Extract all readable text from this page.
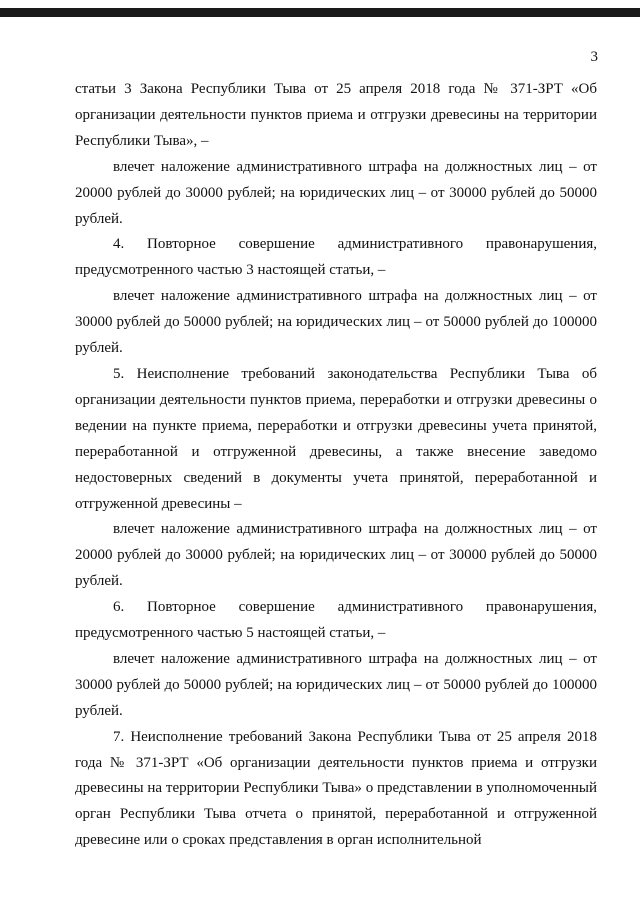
3

статьи 3 Закона Республики Тыва от 25 апреля 2018 года № 371-ЗРТ «Об организации деятельности пунктов приема и отгрузки древесины на территории Республики Тыва», –

влечет наложение административного штрафа на должностных лиц – от 20000 рублей до 30000 рублей; на юридических лиц – от 30000 рублей до 50000 рублей.

4. Повторное совершение административного правонарушения, предусмотренного частью 3 настоящей статьи, –

влечет наложение административного штрафа на должностных лиц – от 30000 рублей до 50000 рублей; на юридических лиц – от 50000 рублей до 100000 рублей.

5. Неисполнение требований законодательства Республики Тыва об организации деятельности пунктов приема, переработки и отгрузки древесины о ведении на пункте приема, переработки и отгрузки древесины учета принятой, переработанной и отгруженной древесины, а также внесение заведомо недостоверных сведений в документы учета принятой, переработанной и отгруженной древесины –

влечет наложение административного штрафа на должностных лиц – от 20000 рублей до 30000 рублей; на юридических лиц – от 30000 рублей до 50000 рублей.

6. Повторное совершение административного правонарушения, предусмотренного частью 5 настоящей статьи, –

влечет наложение административного штрафа на должностных лиц – от 30000 рублей до 50000 рублей; на юридических лиц – от 50000 рублей до 100000 рублей.

7. Неисполнение требований Закона Республики Тыва от 25 апреля 2018 года № 371-ЗРТ «Об организации деятельности пунктов приема и отгрузки древесины на территории Республики Тыва» о представлении в уполномоченный орган Республики Тыва отчета о принятой, переработанной и отгруженной древесине или о сроках представления в орган исполнительной
